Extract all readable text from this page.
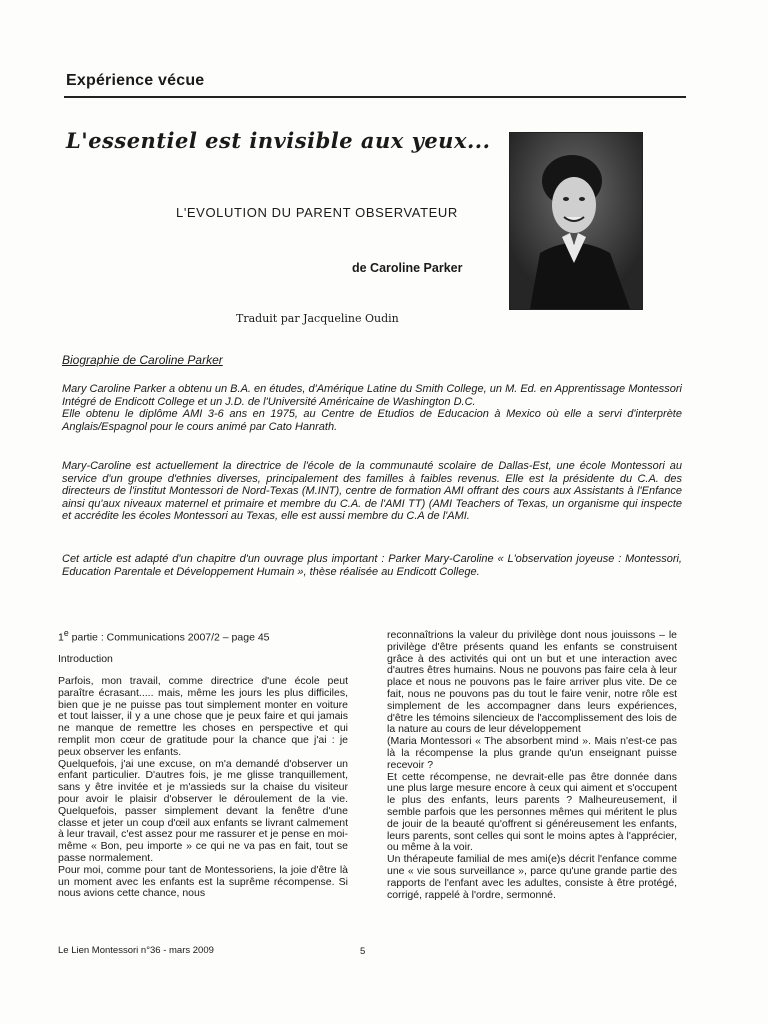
Expérience vécue
L'essentiel est invisible aux yeux...
L'EVOLUTION DU PARENT OBSERVATEUR
de Caroline Parker
Traduit par Jacqueline Oudin
Biographie de Caroline Parker
Mary Caroline Parker a obtenu un B.A. en études, d'Amérique Latine du Smith College, un M. Ed. en Apprentissage Montessori Intégré de Endicott College et un J.D. de l'Université Américaine de Washington D.C.
Elle obtenu le diplôme AMI 3-6 ans en 1975, au Centre de Etudios de Educacion à Mexico où elle a servi d'interprète Anglais/Espagnol pour le cours animé par Cato Hanrath.
Mary-Caroline est actuellement la directrice de l'école de la communauté scolaire de Dallas-Est, une école Montessori au service d'un groupe d'ethnies diverses, principalement des familles à faibles revenus. Elle est la présidente du C.A. des directeurs de l'institut Montessori de Nord-Texas (M.INT), centre de formation AMI offrant des cours aux Assistants à l'Enfance ainsi qu'aux niveaux maternel et primaire et membre du C.A. de l'AMI TT) (AMI Teachers of Texas, un organisme qui inspecte et accrédite les écoles Montessori au Texas, elle est aussi membre du C.A de l'AMI.
Cet article est adapté d'un chapitre d'un ouvrage plus important : Parker Mary-Caroline « L'observation joyeuse : Montessori, Education Parentale et Développement Humain », thèse réalisée au Endicott College.

1e partie : Communications 2007/2 – page 45

Introduction

Parfois, mon travail, comme directrice d'une école peut paraître écrasant..... mais, même les jours les plus difficiles, bien que je ne puisse pas tout simplement monter en voiture et tout laisser, il y a une chose que je peux faire et qui jamais ne manque de remettre les choses en perspective et qui remplit mon cœur de gratitude pour la chance que j'ai : je peux observer les enfants.

Quelquefois, j'ai une excuse, on m'a demandé d'observer un enfant particulier. D'autres fois, je me glisse tranquillement, sans y être invitée et je m'assieds sur la chaise du visiteur pour avoir le plaisir d'observer le déroulement de la vie. Quelquefois, passer simplement devant la fenêtre d'une classe et jeter un coup d'œil aux enfants se livrant calmement à leur travail, c'est assez pour me rassurer et je pense en moi-même « Bon, peu importe » ce qui ne va pas en fait, tout se passe normalement.

Pour moi, comme pour tant de Montessoriens, la joie d'être là un moment avec les enfants est la suprême récompense. Si nous avions cette chance, nous

reconnaîtrions la valeur du privilège dont nous jouissons – le privilège d'être présents quand les enfants se construisent grâce à des activités qui ont un but et une interaction avec d'autres êtres humains. Nous ne pouvons pas faire cela à leur place et nous ne pouvons pas le faire arriver plus vite. De ce fait, nous ne pouvons pas du tout le faire venir, notre rôle est simplement de les accompagner dans leurs expériences, d'être les témoins silencieux de l'accomplissement des lois de la nature au cours de leur développement

(Maria Montessori « The absorbent mind ». Mais n'est-ce pas là la récompense la plus grande qu'un enseignant puisse recevoir ?

Et cette récompense, ne devrait-elle pas être donnée dans une plus large mesure encore à ceux qui aiment et s'occupent le plus des enfants, leurs parents ? Malheureusement, il semble parfois que les personnes mêmes qui méritent le plus de jouir de la beauté qu'offrent si généreusement les enfants, leurs parents, sont celles qui sont le moins aptes à l'apprécier, ou même à la voir.

Un thérapeute familial de mes ami(e)s décrit l'enfance comme une « vie sous surveillance », parce qu'une grande partie des rapports de l'enfant avec les adultes, consiste à être protégé, corrigé, rappelé à l'ordre, sermonné.

Le Lien Montessori n°36 - mars 2009	5
